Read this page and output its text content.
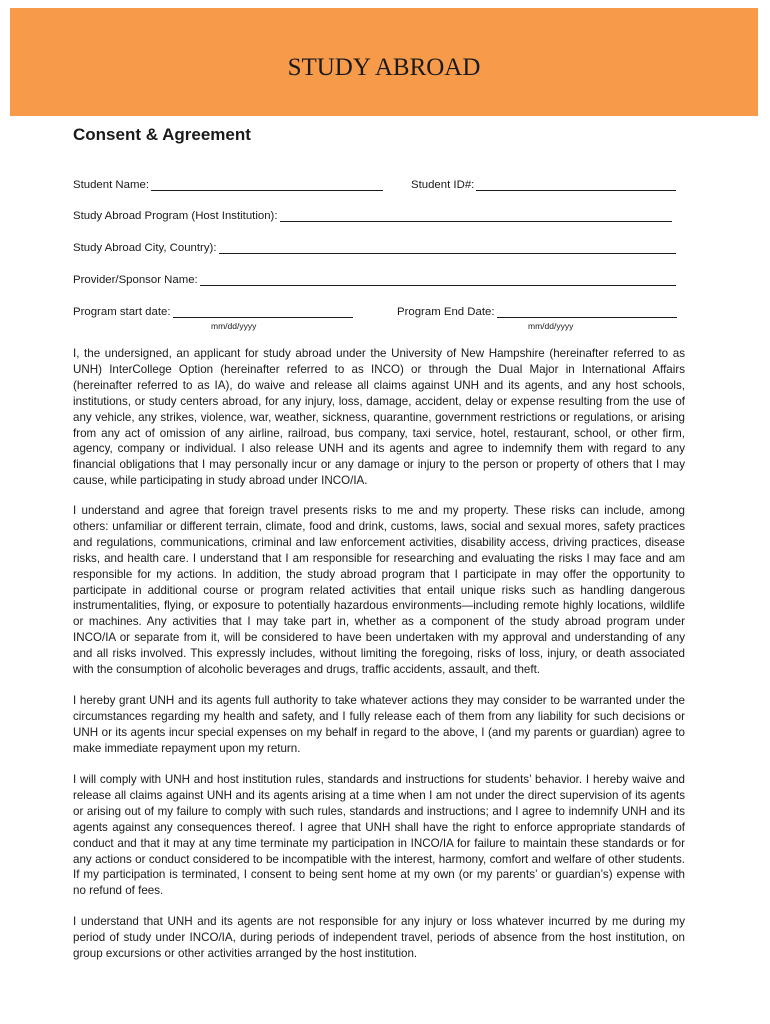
STUDY ABROAD
Consent & Agreement
Student Name:	Student ID#:
Study Abroad Program (Host Institution):
Study Abroad City, Country):
Provider/Sponsor Name:
Program start date:
mm/dd/yyyy
Program End Date:
mm/dd/yyyy

I, the undersigned, an applicant for study abroad under the University of New Hampshire (hereinafter referred to as UNH) InterCollege Option (hereinafter referred to as INCO) or through the Dual Major in International Affairs (hereinafter referred to as IA), do waive and release all claims against UNH and its agents, and any host schools, institutions, or study centers abroad, for any injury, loss, damage, accident, delay or expense resulting from the use of any vehicle, any strikes, violence, war, weather, sickness, quarantine, government restrictions or regulations, or arising from any act of omission of any airline, railroad, bus company, taxi service, hotel, restaurant, school, or other firm, agency, company or individual. I also release UNH and its agents and agree to indemnify them with regard to any financial obligations that I may personally incur or any damage or injury to the person or property of others that I may cause, while participating in study abroad under INCO/IA.

I understand and agree that foreign travel presents risks to me and my property. These risks can include, among others: unfamiliar or different terrain, climate, food and drink, customs, laws, social and sexual mores, safety practices and regulations, communications, criminal and law enforcement activities, disability access, driving practices, disease risks, and health care. I understand that I am responsible for researching and evaluating the risks I may face and am responsible for my actions. In addition, the study abroad program that I participate in may offer the opportunity to participate in additional course or program related activities that entail unique risks such as handling dangerous instrumentalities, flying, or exposure to potentially hazardous environments—including remote highly locations, wildlife or machines. Any activities that I may take part in, whether as a component of the study abroad program under INCO/IA or separate from it, will be considered to have been undertaken with my approval and understanding of any and all risks involved. This expressly includes, without limiting the foregoing, risks of loss, injury, or death associated with the consumption of alcoholic beverages and drugs, traffic accidents, assault, and theft.

I hereby grant UNH and its agents full authority to take whatever actions they may consider to be warranted under the circumstances regarding my health and safety, and I fully release each of them from any liability for such decisions or UNH or its agents incur special expenses on my behalf in regard to the above, I (and my parents or guardian) agree to make immediate repayment upon my return.

I will comply with UNH and host institution rules, standards and instructions for students’ behavior. I hereby waive and release all claims against UNH and its agents arising at a time when I am not under the direct supervision of its agents or arising out of my failure to comply with such rules, standards and instructions; and I agree to indemnify UNH and its agents against any consequences thereof. I agree that UNH shall have the right to enforce appropriate standards of conduct and that it may at any time terminate my participation in INCO/IA for failure to maintain these standards or for any actions or conduct considered to be incompatible with the interest, harmony, comfort and welfare of other students. If my participation is terminated, I consent to being sent home at my own (or my parents’ or guardian’s) expense with no refund of fees.

I understand that UNH and its agents are not responsible for any injury or loss whatever incurred by me during my period of study under INCO/IA, during periods of independent travel, periods of absence from the host institution, on group excursions or other activities arranged by the host institution.
